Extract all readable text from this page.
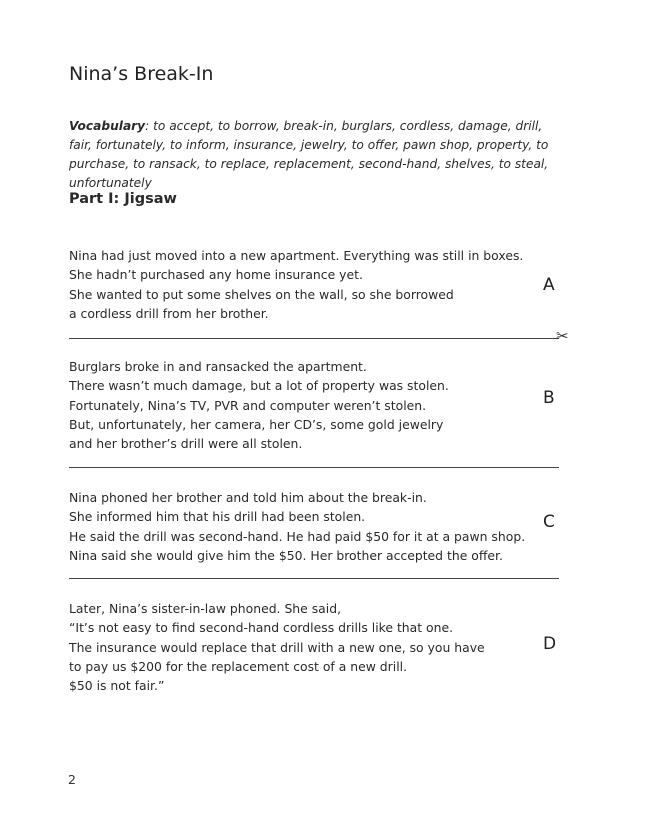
Nina’s Break-In

Vocabulary: to accept, to borrow, break-in, burglars, cordless, damage, drill, fair, fortunately, to inform, insurance, jewelry, to offer, pawn shop, property, to purchase, to ransack, to replace, replacement, second-hand, shelves, to steal, unfortunately

Part I: Jigsaw
Nina had just moved into a new apartment. Everything was still in boxes.
She hadn’t purchased any home insurance yet.
She wanted to put some shelves on the wall, so she borrowed
a cordless drill from her brother.
A
✂
Burglars broke in and ransacked the apartment.
There wasn’t much damage, but a lot of property was stolen.
Fortunately, Nina’s TV, PVR and computer weren’t stolen.
But, unfortunately, her camera, her CD’s, some gold jewelry
and her brother’s drill were all stolen.
B
Nina phoned her brother and told him about the break-in.
She informed him that his drill had been stolen.
He said the drill was second-hand. He had paid $50 for it at a pawn shop.
Nina said she would give him the $50. Her brother accepted the offer.
C
Later, Nina’s sister-in-law phoned. She said,
“It’s not easy to find second-hand cordless drills like that one.
The insurance would replace that drill with a new one, so you have
to pay us $200 for the replacement cost of a new drill.
$50 is not fair.”
D
2
